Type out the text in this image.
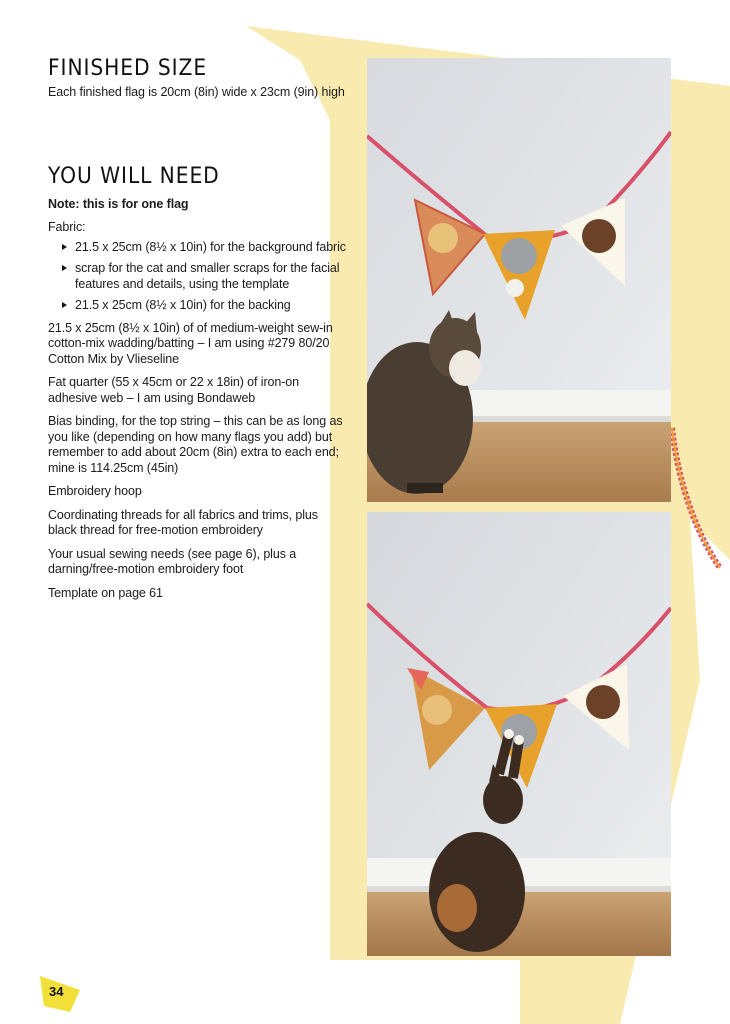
FINISHED SIZE

Each finished flag is 20cm (8in) wide x 23cm (9in) high

YOU WILL NEED

Note: this is for one flag

Fabric:

21.5 x 25cm (8½ x 10in) for the background fabric
scrap for the cat and smaller scraps for the facial features and details, using the template
21.5 x 25cm (8½ x 10in) for the backing

21.5 x 25cm (8½ x 10in) of of medium-weight sew-in cotton-mix wadding/batting – I am using #279 80/20 Cotton Mix by Vlieseline

Fat quarter (55 x 45cm or 22 x 18in) of iron-on adhesive web – I am using Bondaweb

Bias binding, for the top string – this can be as long as you like (depending on how many flags you add) but remember to add about 20cm (8in) extra to each end; mine is 114.25cm (45in)

Embroidery hoop

Coordinating threads for all fabrics and trims, plus black thread for free-motion embroidery

Your usual sewing needs (see page 6), plus a darning/free-motion embroidery foot

Template on page 61

34
